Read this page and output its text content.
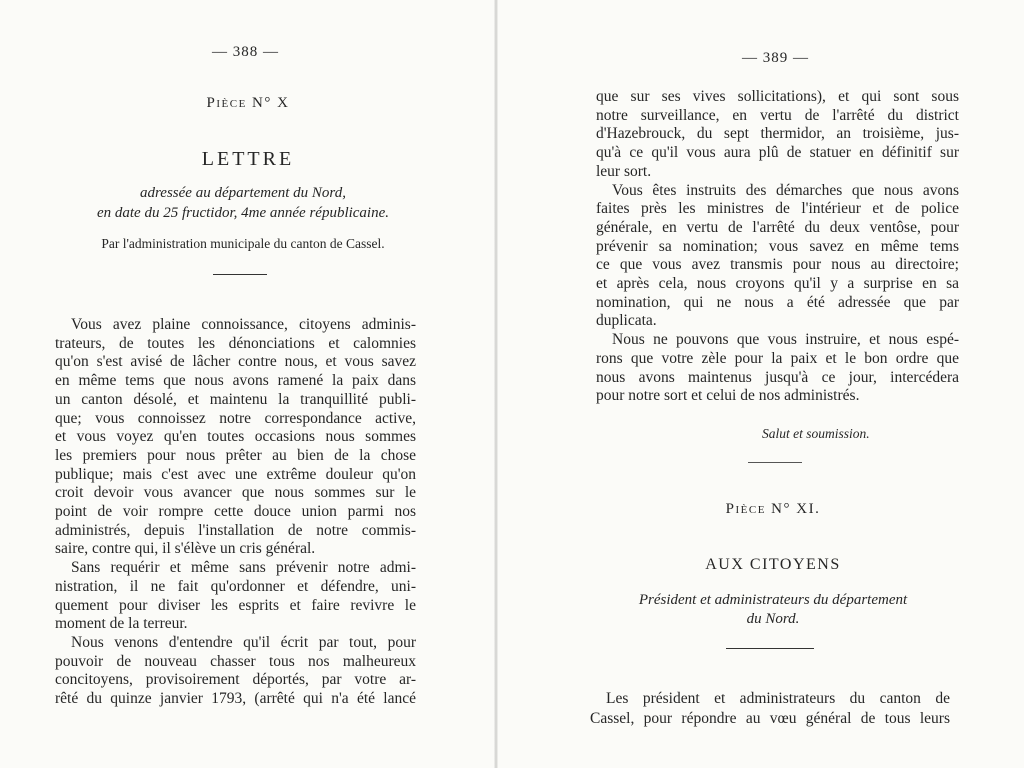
— 388 —
Pièce N° X
LETTRE
adressée au département du Nord,
en date du 25 fructidor, 4me année républicaine.
Par l'administration municipale du canton de Cassel.
Vous avez plaine connoissance, citoyens adminis-
trateurs, de toutes les dénonciations et calomnies
qu'on s'est avisé de lâcher contre nous, et vous savez
en même tems que nous avons ramené la paix dans
un canton désolé, et maintenu la tranquillité publi-
que; vous connoissez notre correspondance active,
et vous voyez qu'en toutes occasions nous sommes
les premiers pour nous prêter au bien de la chose
publique; mais c'est avec une extrême douleur qu'on
croit devoir vous avancer que nous sommes sur le
point de voir rompre cette douce union parmi nos
administrés, depuis l'installation de notre commis-
saire, contre qui, il s'élève un cris général.
Sans requérir et même sans prévenir notre admi-
nistration, il ne fait qu'ordonner et défendre, uni-
quement pour diviser les esprits et faire revivre le
moment de la terreur.
Nous venons d'entendre qu'il écrit par tout, pour
pouvoir de nouveau chasser tous nos malheureux
concitoyens, provisoirement déportés, par votre ar-
rêté du quinze janvier 1793, (arrêté qui n'a été lancé
— 389 —
que sur ses vives sollicitations), et qui sont sous
notre surveillance, en vertu de l'arrêté du district
d'Hazebrouck, du sept thermidor, an troisième, jus-
qu'à ce qu'il vous aura plû de statuer en définitif sur
leur sort.
Vous êtes instruits des démarches que nous avons
faites près les ministres de l'intérieur et de police
générale, en vertu de l'arrêté du deux ventôse, pour
prévenir sa nomination; vous savez en même tems
ce que vous avez transmis pour nous au directoire;
et après cela, nous croyons qu'il y a surprise en sa
nomination, qui ne nous a été adressée que par
duplicata.
Nous ne pouvons que vous instruire, et nous espé-
rons que votre zèle pour la paix et le bon ordre que
nous avons maintenus jusqu'à ce jour, intercédera
pour notre sort et celui de nos administrés.
Salut et soumission.
Pièce N° XI.
AUX CITOYENS
Président et administrateurs du département
du Nord.
Les président et administrateurs du canton de
Cassel, pour répondre au vœu général de tous leurs
